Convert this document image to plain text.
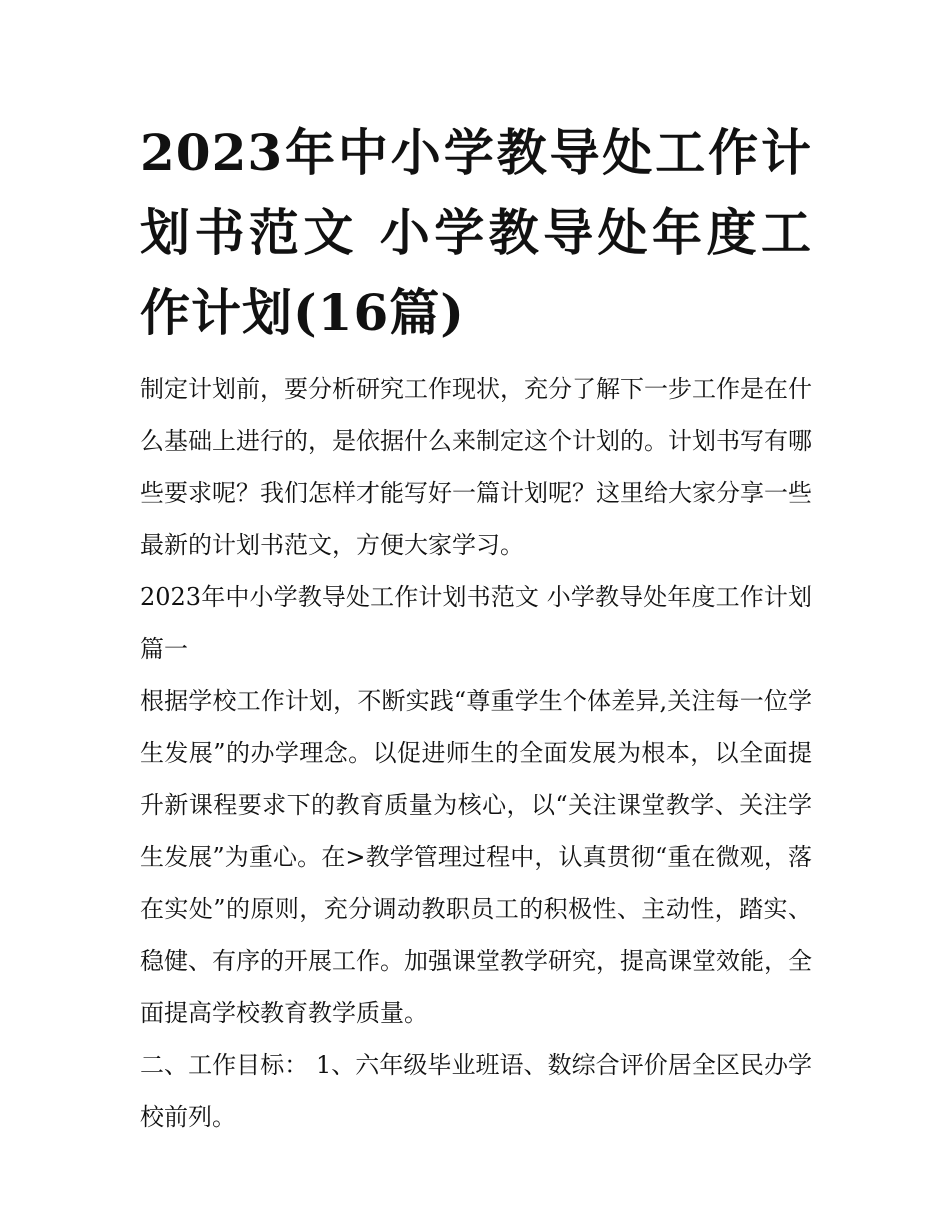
2023年中小学教导处工作计划书范文 小学教导处年度工作计划(16篇)

制定计划前，要分析研究工作现状，充分了解下一步工作是在什么基础上进行的，是依据什么来制定这个计划的。计划书写有哪些要求呢？我们怎样才能写好一篇计划呢？这里给大家分享一些最新的计划书范文，方便大家学习。

2023年中小学教导处工作计划书范文 小学教导处年度工作计划篇一

根据学校工作计划，不断实践“尊重学生个体差异,关注每一位学生发展”的办学理念。以促进师生的全面发展为根本，以全面提升新课程要求下的教育质量为核心，以“关注课堂教学、关注学生发展”为重心。在>教学管理过程中，认真贯彻“重在微观，落在实处”的原则，充分调动教职员工的积极性、主动性，踏实、稳健、有序的开展工作。加强课堂教学研究，提高课堂效能，全面提高学校教育教学质量。

二、工作目标： 1、六年级毕业班语、数综合评价居全区民办学校前列。
